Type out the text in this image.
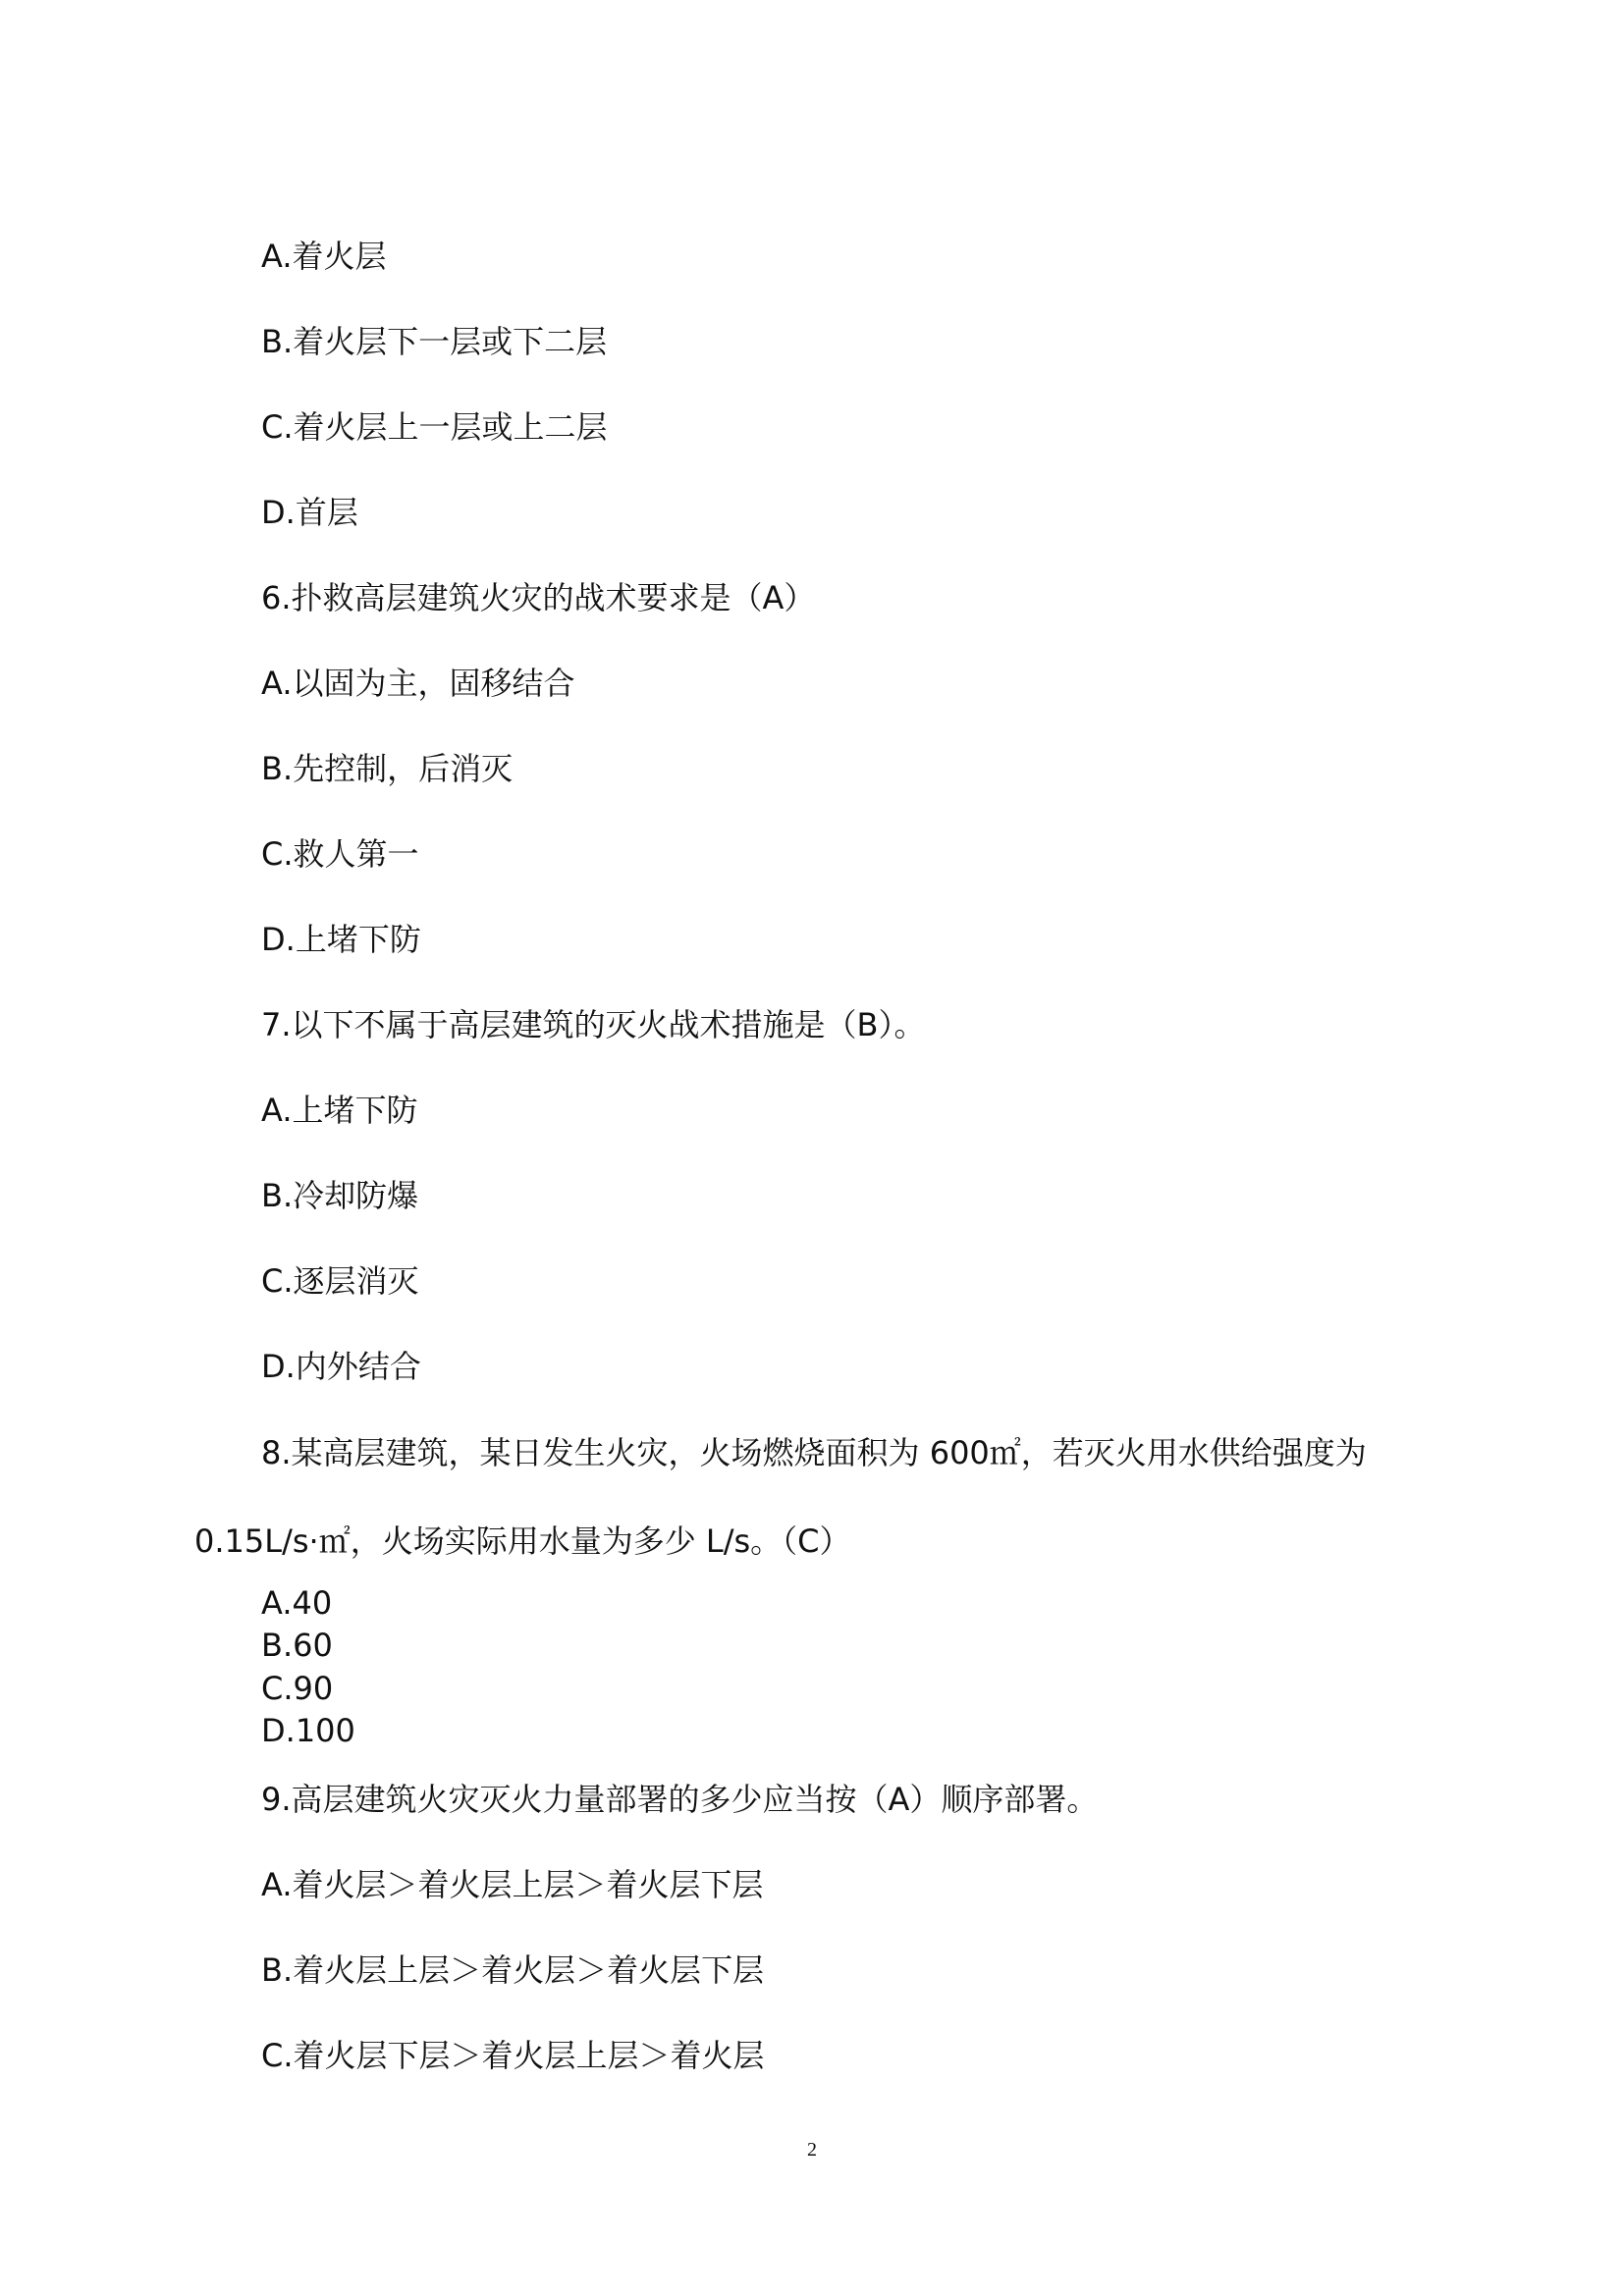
A.着火层
B.着火层下一层或下二层
C.着火层上一层或上二层
D.首层
6.扑救高层建筑火灾的战术要求是（A）
A.以固为主，固移结合
B.先控制，后消灭
C.救人第一
D.上堵下防
7.以下不属于高层建筑的灭火战术措施是（B）。
A.上堵下防
B.冷却防爆
C.逐层消灭
D.内外结合
8.某高层建筑，某日发生火灾，火场燃烧面积为 600㎡，若灭火用水供给强度为
0.15L/s·㎡，火场实际用水量为多少 L/s。（C）
A.40
B.60
C.90
D.100
9.高层建筑火灾灭火力量部署的多少应当按（A）顺序部署。
A.着火层＞着火层上层＞着火层下层
B.着火层上层＞着火层＞着火层下层
C.着火层下层＞着火层上层＞着火层
2
